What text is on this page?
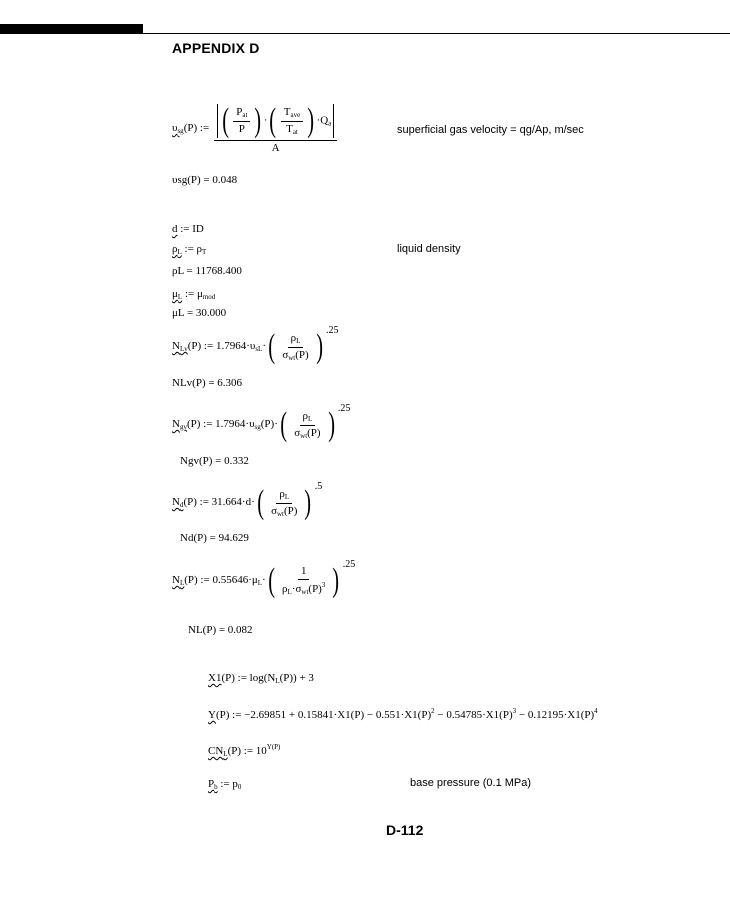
APPENDIX D
$\upsilon_{sg}(P)$ := $\frac{( \frac{P_{at}}{P} ) \cdot ( \frac{T_{ave}}{T_{at}} ) \cdot Q_a}{A}$	superficial gas velocity = qg/Ap, m/sec
υsg(P) = 0.048
d := ID
$\rho_L$ := $\rho_T$	liquid density
ρL = 11768.400
$\mu_L$ := $\mu_{mod}$
μL = 30.000
$N_{Lv}(P)$ := $1.7964\cdot\upsilon_{sL}\cdot$ ( $\frac{\rho_L}{\sigma_{wt}(P)}$ ) .25
NLv(P) = 6.306
$N_{gv}(P)$ := $1.7964\cdot\upsilon_{sg}(P)\cdot$ ( $\frac{\rho_L}{\sigma_{wt}(P)}$ ) .25
Ngv(P) = 0.332
$N_d(P)$ := 31.664·d· ( $\frac{\rho_L}{\sigma_{wt}(P)}$ ) .5
Nd(P) = 94.629
$N_L(P)$ := $0.55646\cdot\mu_L\cdot$ ( $\frac{1}{\rho_L\cdot\sigma_{wt}(P)^3}$ ) .25
NL(P) = 0.082
X1(P) := $\log(N_L(P)) + 3$
Y(P) := $-2.69851 + 0.15841\cdot X1(P) - 0.551\cdot X1(P)^2 - 0.54785\cdot X1(P)^3 - 0.12195\cdot X1(P)^4$
$CN_L(P)$ := $10^{Y(P)}$
$P_b$ := $p_0$	base pressure (0.1 MPa)
D-112
